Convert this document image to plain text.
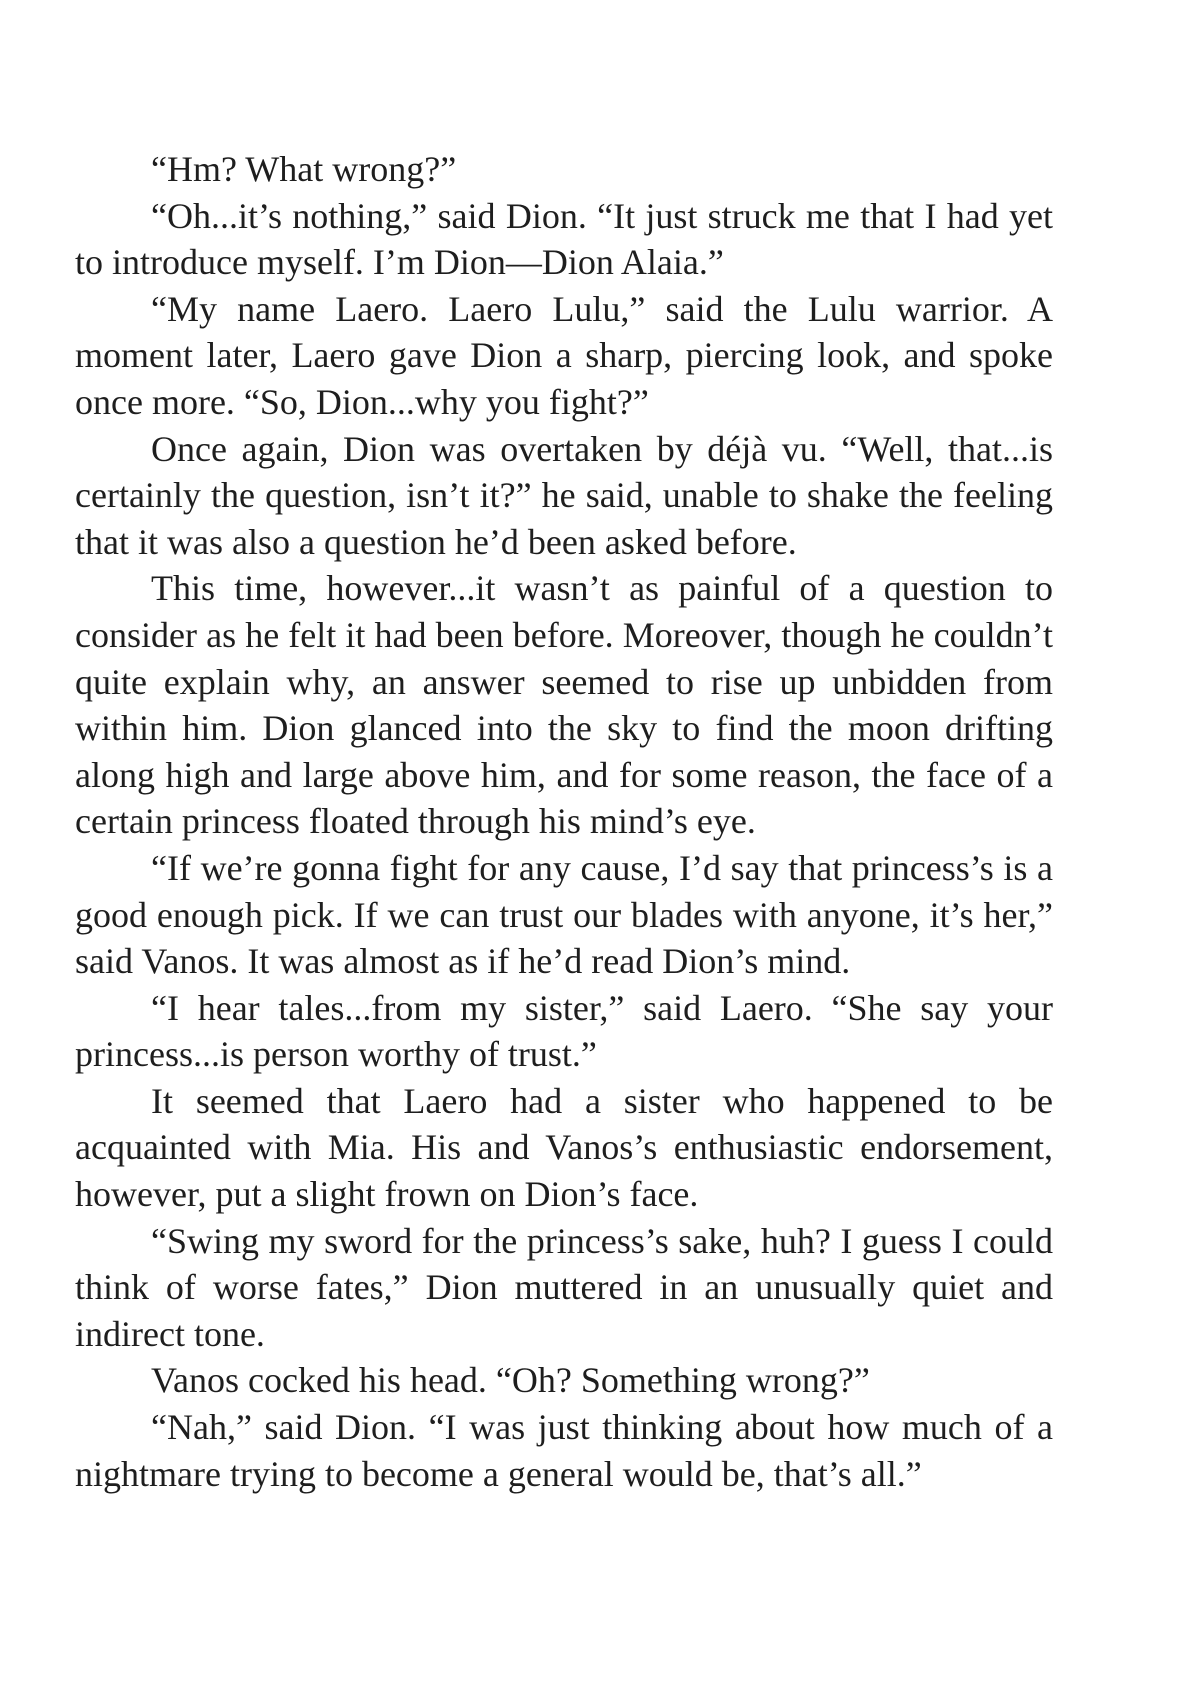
“Hm? What wrong?”

“Oh...it’s nothing,” said Dion. “It just struck me that I had yet to introduce myself. I’m Dion—Dion Alaia.”

“My name Laero. Laero Lulu,” said the Lulu warrior. A moment later, Laero gave Dion a sharp, piercing look, and spoke once more. “So, Dion...why you fight?”

Once again, Dion was overtaken by déjà vu. “Well, that...is certainly the question, isn’t it?” he said, unable to shake the feeling that it was also a question he’d been asked before.

This time, however...it wasn’t as painful of a question to consider as he felt it had been before. Moreover, though he couldn’t quite explain why, an answer seemed to rise up unbidden from within him. Dion glanced into the sky to find the moon drifting along high and large above him, and for some reason, the face of a certain princess floated through his mind’s eye.

“If we’re gonna fight for any cause, I’d say that princess’s is a good enough pick. If we can trust our blades with anyone, it’s her,” said Vanos. It was almost as if he’d read Dion’s mind.

“I hear tales...from my sister,” said Laero. “She say your princess...is person worthy of trust.”

It seemed that Laero had a sister who happened to be acquainted with Mia. His and Vanos’s enthusiastic endorsement, however, put a slight frown on Dion’s face.

“Swing my sword for the princess’s sake, huh? I guess I could think of worse fates,” Dion muttered in an unusually quiet and indirect tone.

Vanos cocked his head. “Oh? Something wrong?”

“Nah,” said Dion. “I was just thinking about how much of a nightmare trying to become a general would be, that’s all.”
